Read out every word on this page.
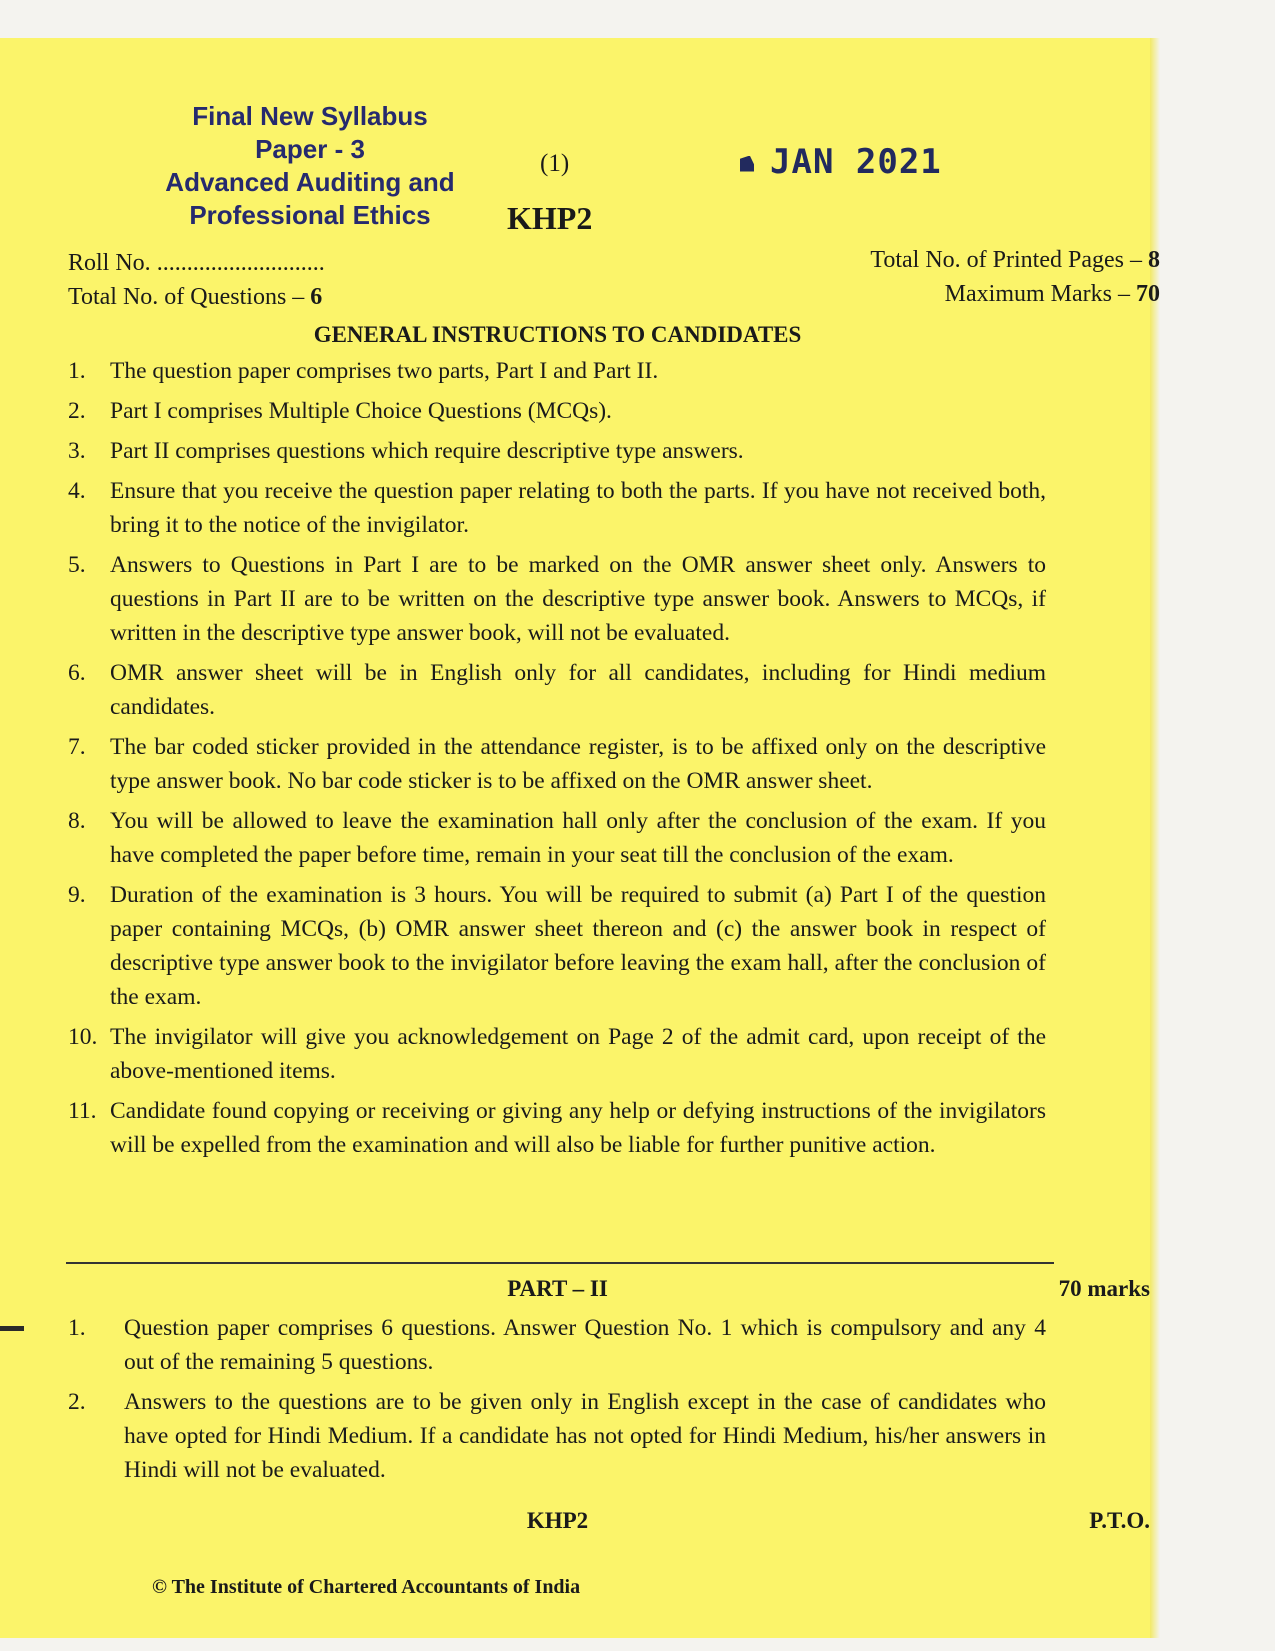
Final New Syllabus
Paper - 3
Advanced Auditing and
Professional Ethics
(1)
KHP2
JAN 2021
Roll No. ............................
Total No. of Questions – 6
Total No. of Printed Pages – 8
Maximum Marks – 70
GENERAL INSTRUCTIONS TO CANDIDATES
1.	The question paper comprises two parts, Part I and Part II.
2.	Part I comprises Multiple Choice Questions (MCQs).
3.	Part II comprises questions which require descriptive type answers.
4.	Ensure that you receive the question paper relating to both the parts. If you have not received both, bring it to the notice of the invigilator.
5.	Answers to Questions in Part I are to be marked on the OMR answer sheet only. Answers to questions in Part II are to be written on the descriptive type answer book. Answers to MCQs, if written in the descriptive type answer book, will not be evaluated.
6.	OMR answer sheet will be in English only for all candidates, including for Hindi medium candidates.
7.	The bar coded sticker provided in the attendance register, is to be affixed only on the descriptive type answer book. No bar code sticker is to be affixed on the OMR answer sheet.
8.	You will be allowed to leave the examination hall only after the conclusion of the exam. If you have completed the paper before time, remain in your seat till the conclusion of the exam.
9.	Duration of the examination is 3 hours. You will be required to submit (a) Part I of the question paper containing MCQs, (b) OMR answer sheet thereon and (c) the answer book in respect of descriptive type answer book to the invigilator before leaving the exam hall, after the conclusion of the exam.
10. The invigilator will give you acknowledgement on Page 2 of the admit card, upon receipt of the above-mentioned items.
11. Candidate found copying or receiving or giving any help or defying instructions of the invigilators will be expelled from the examination and will also be liable for further punitive action.
PART – II	70 marks
1.	Question paper comprises 6 questions. Answer Question No. 1 which is compulsory and any 4 out of the remaining 5 questions.
2.	Answers to the questions are to be given only in English except in the case of candidates who have opted for Hindi Medium. If a candidate has not opted for Hindi Medium, his/her answers in Hindi will not be evaluated.
KHP2	P.T.O.
© The Institute of Chartered Accountants of India
